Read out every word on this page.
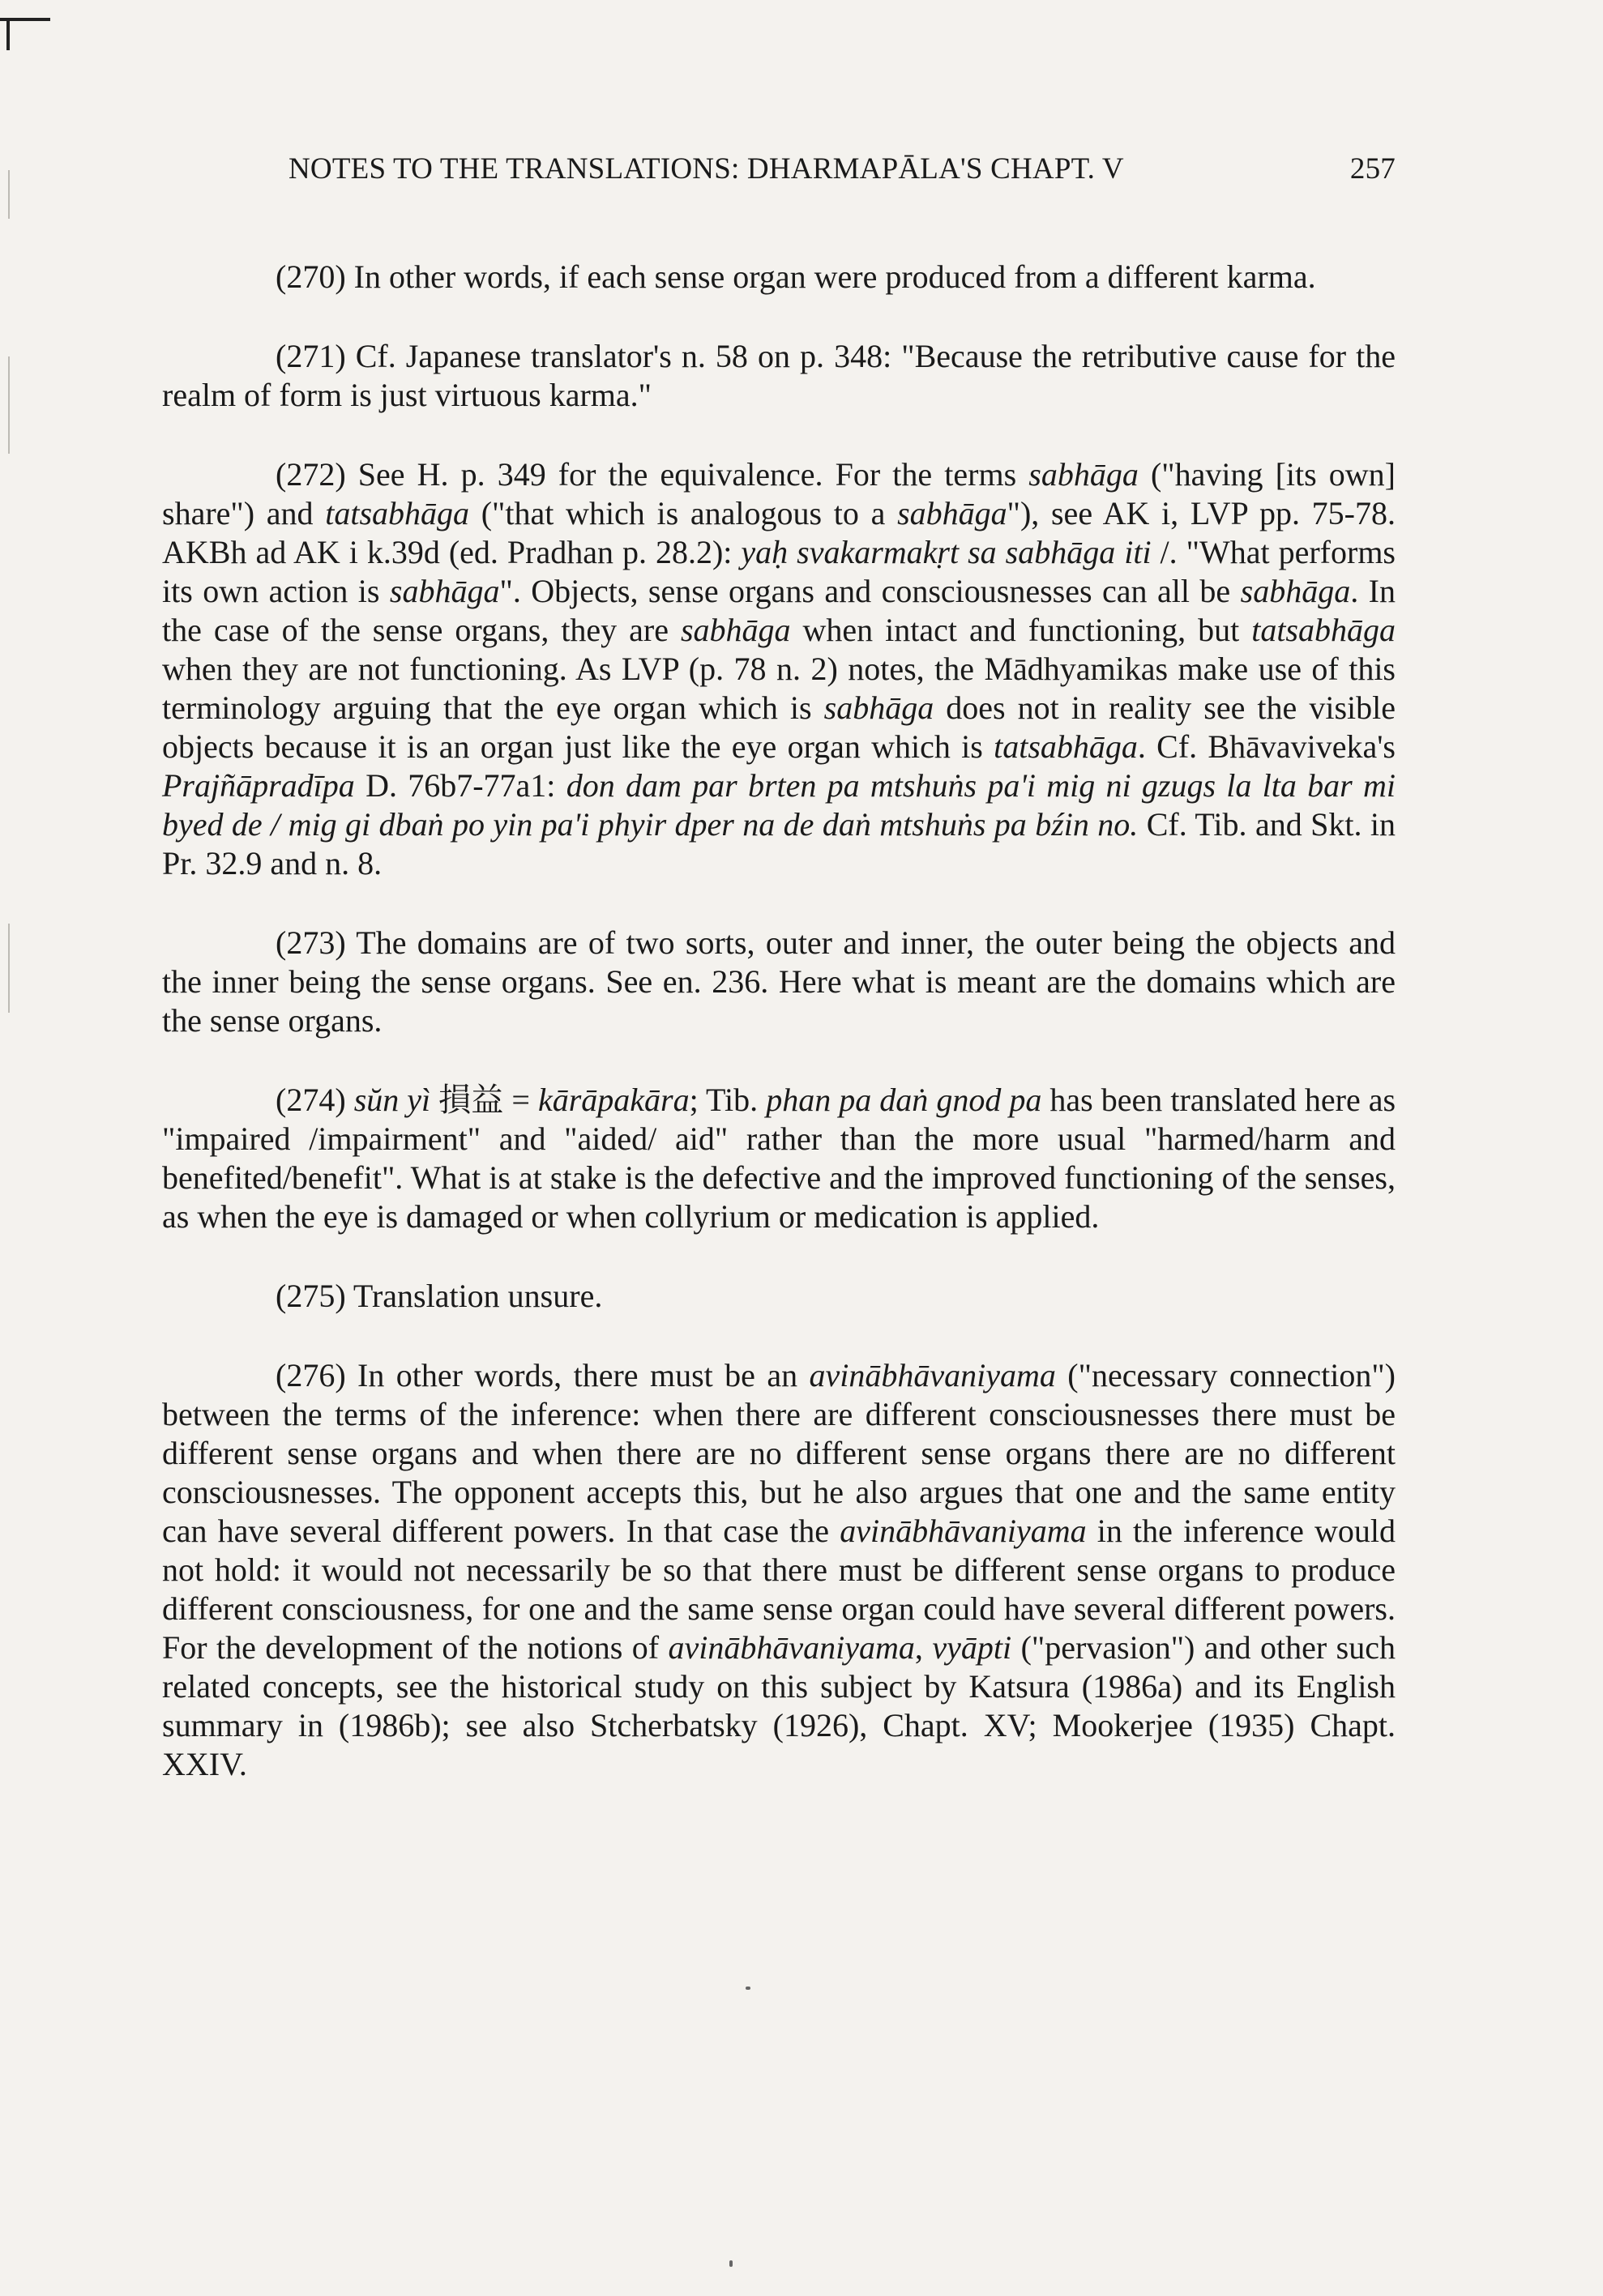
NOTES TO THE TRANSLATIONS: DHARMAPĀLA'S CHAPT. V	257

(270) In other words, if each sense organ were produced from a different karma.

(271) Cf. Japanese translator's n. 58 on p. 348: "Because the retributive cause for the realm of form is just virtuous karma."

(272) See H. p. 349 for the equivalence. For the terms sabhāga ("having [its own] share") and tatsabhāga ("that which is analogous to a sabhāga"), see AK i, LVP pp. 75-78. AKBh ad AK i k.39d (ed. Pradhan p. 28.2): yaḥ svakarmakṛt sa sabhāga iti /. "What performs its own action is sabhāga". Objects, sense organs and consciousnesses can all be sabhāga. In the case of the sense organs, they are sabhāga when intact and functioning, but tatsabhāga when they are not functioning. As LVP (p. 78 n. 2) notes, the Mādhyamikas make use of this terminology arguing that the eye organ which is sabhāga does not in reality see the visible objects because it is an organ just like the eye organ which is tatsabhāga. Cf. Bhāvaviveka's Prajñāpradīpa D. 76b7-77a1: don dam par brten pa mtshuṅs pa'i mig ni gzugs la lta bar mi byed de / mig gi dbaṅ po yin pa'i phyir dper na de daṅ mtshuṅs pa bźin no. Cf. Tib. and Skt. in Pr. 32.9 and n. 8.

(273) The domains are of two sorts, outer and inner, the outer being the objects and the inner being the sense organs. See en. 236. Here what is meant are the domains which are the sense organs.

(274) sŭn yì 損益 = kārāpakāra; Tib. phan pa daṅ gnod pa has been translated here as "impaired /impairment" and "aided/ aid" rather than the more usual "harmed/harm and benefited/benefit". What is at stake is the defective and the improved functioning of the senses, as when the eye is damaged or when collyrium or medication is applied.

(275) Translation unsure.

(276) In other words, there must be an avinābhāvaniyama ("necessary connection") between the terms of the inference: when there are different consciousnesses there must be different sense organs and when there are no different sense organs there are no different consciousnesses. The opponent accepts this, but he also argues that one and the same entity can have several different powers. In that case the avinābhāvaniyama in the inference would not hold: it would not necessarily be so that there must be different sense organs to produce different consciousness, for one and the same sense organ could have several different powers. For the development of the notions of avinābhāvaniyama, vyāpti ("pervasion") and other such related concepts, see the historical study on this subject by Katsura (1986a) and its English summary in (1986b); see also Stcherbatsky (1926), Chapt. XV; Mookerjee (1935) Chapt. XXIV.
